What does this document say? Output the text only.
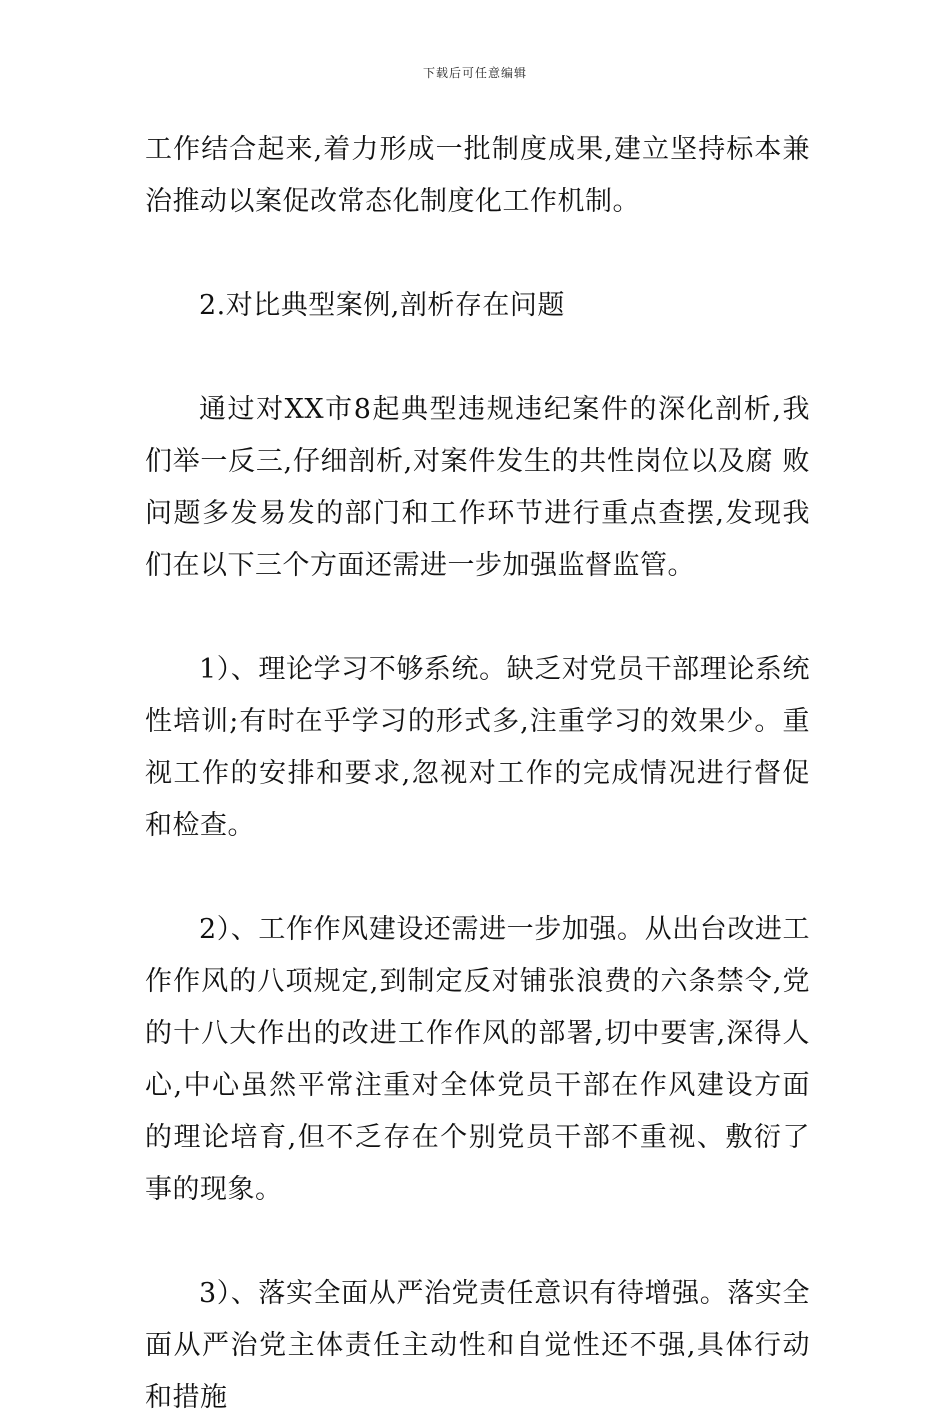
下载后可任意编辑

工作结合起来,着力形成一批制度成果,建立坚持标本兼治推动以案促改常态化制度化工作机制。

2.对比典型案例,剖析存在问题

通过对XX市8起典型违规违纪案件的深化剖析,我们举一反三,仔细剖析,对案件发生的共性岗位以及腐 败问题多发易发的部门和工作环节进行重点查摆,发现我们在以下三个方面还需进一步加强监督监管。

1）、理论学习不够系统。缺乏对党员干部理论系统性培训;有时在乎学习的形式多,注重学习的效果少。重视工作的安排和要求,忽视对工作的完成情况进行督促和检查。

2）、工作作风建设还需进一步加强。从出台改进工作作风的八项规定,到制定反对铺张浪费的六条禁令,党的十八大作出的改进工作作风的部署,切中要害,深得人心,中心虽然平常注重对全体党员干部在作风建设方面的理论培育,但不乏存在个别党员干部不重视、敷衍了事的现象。

3）、落实全面从严治党责任意识有待增强。落实全面从严治党主体责任主动性和自觉性还不强,具体行动和措施
